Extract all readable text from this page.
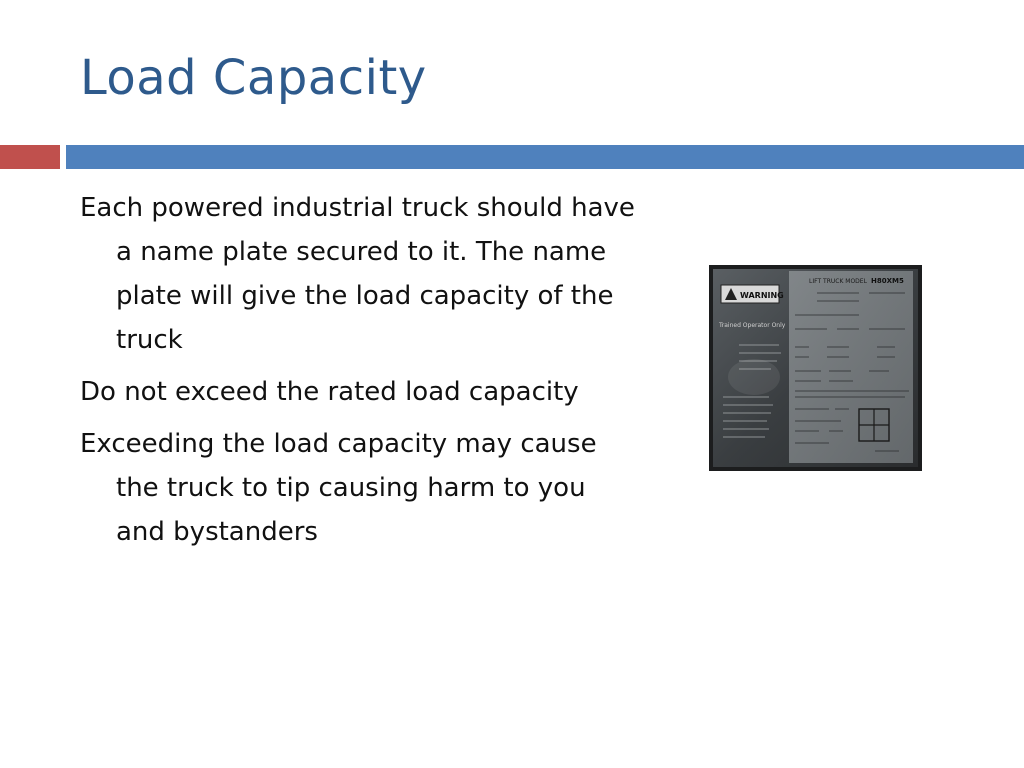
Load Capacity
Each powered industrial truck should have a name plate secured to it. The name plate will give the load capacity of the truck
Do not exceed the rated load capacity
Exceeding the load capacity may cause the truck to tip causing harm to you and bystanders
WARNING
Trained Operator Only
LIFT TRUCK MODEL H80XM5
